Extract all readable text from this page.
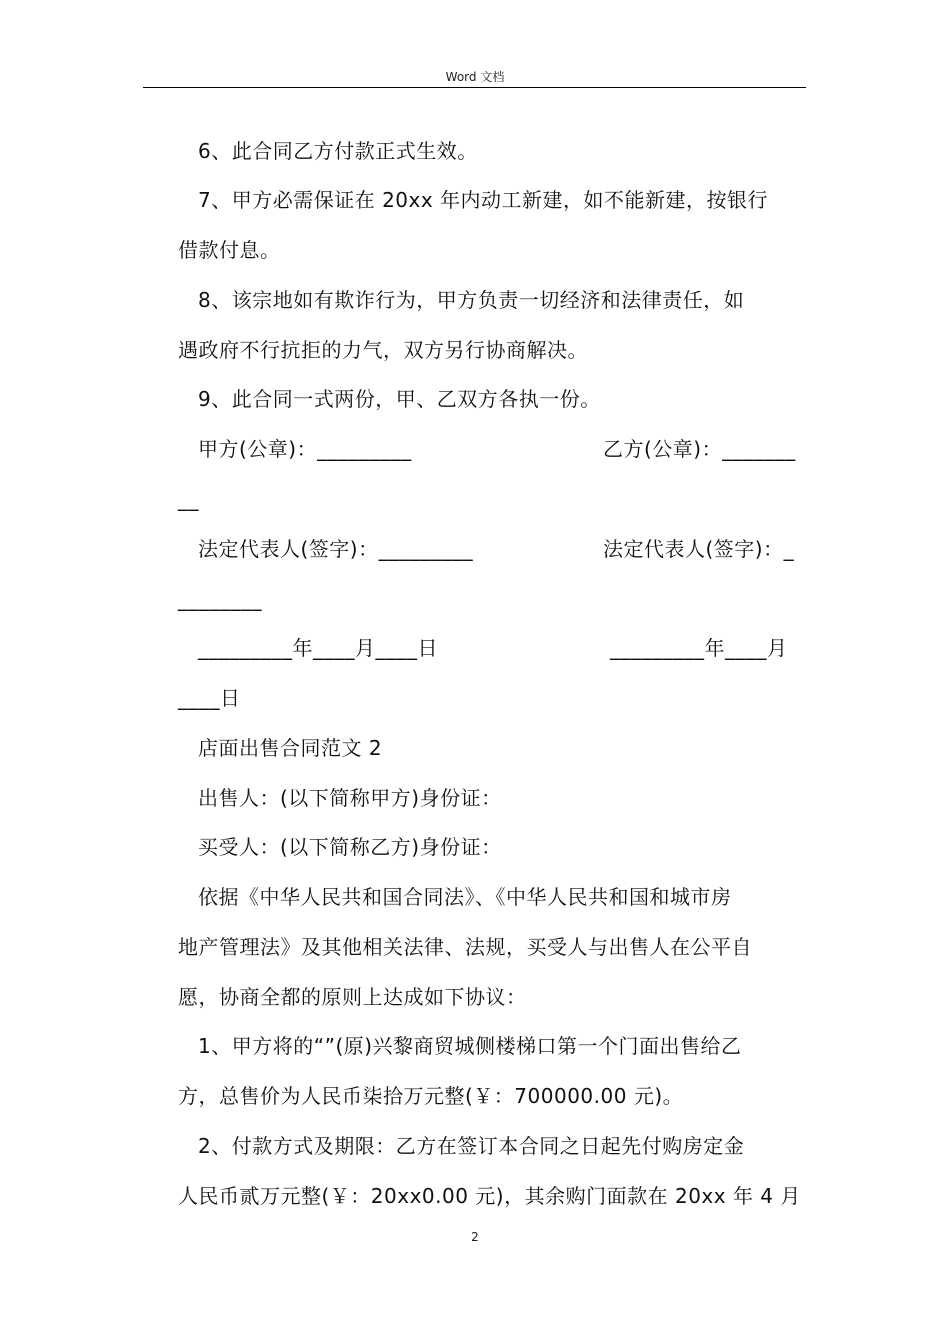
Word 文档
6、此合同乙方付款正式生效。
7、甲方必需保证在 20xx 年内动工新建，如不能新建，按银行
借款付息。
8、该宗地如有欺诈行为，甲方负责一切经济和法律责任，如
遇政府不行抗拒的力气，双方另行协商解决。
9、此合同一式两份，甲、乙双方各执一份。
甲方(公章)：_________	乙方(公章)：_______
__
法定代表人(签字)：_________	法定代表人(签字)：_
________
_________年____月____日	_________年____月
____日
店面出售合同范文 2
出售人：(以下简称甲方)身份证：
买受人：(以下简称乙方)身份证：
依据《中华人民共和国合同法》、《中华人民共和国和城市房
地产管理法》及其他相关法律、法规，买受人与出售人在公平自
愿，协商全都的原则上达成如下协议：
1、甲方将的“”(原)兴黎商贸城侧楼梯口第一个门面出售给乙
方，总售价为人民币柒拾万元整(￥：700000.00 元)。
2、付款方式及期限：乙方在签订本合同之日起先付购房定金
人民币贰万元整(￥：20xx0.00 元)，其余购门面款在 20xx 年 4 月
2
